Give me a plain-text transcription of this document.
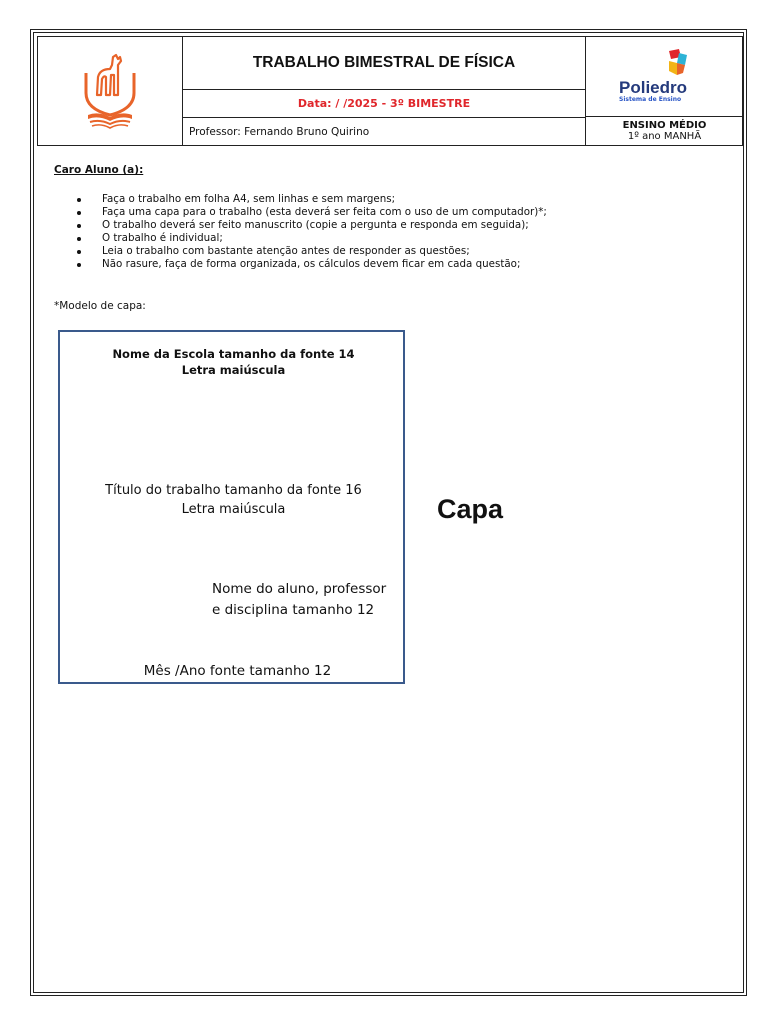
TRABALHO BIMESTRAL DE FÍSICA
Data: / /2025 - 3º BIMESTRE
Professor: Fernando Bruno Quirino
Poliedro
Sistema de Ensino
ENSINO MÉDIO
1º ano MANHÃ
Caro Aluno (a):
Faça o trabalho em folha A4, sem linhas e sem margens;
Faça uma capa para o trabalho (esta deverá ser feita com o uso de um computador)*;
O trabalho deverá ser feito manuscrito (copie a pergunta e responda em seguida);
O trabalho é individual;
Leia o trabalho com bastante atenção antes de responder as questões;
Não rasure, faça de forma organizada, os cálculos devem ficar em cada questão;
*Modelo de capa:
Nome da Escola tamanho da fonte 14
Letra maiúscula
Título do trabalho tamanho da fonte 16
Letra maiúscula
Nome do aluno, professor
e disciplina tamanho 12
Mês /Ano fonte tamanho 12
Capa
